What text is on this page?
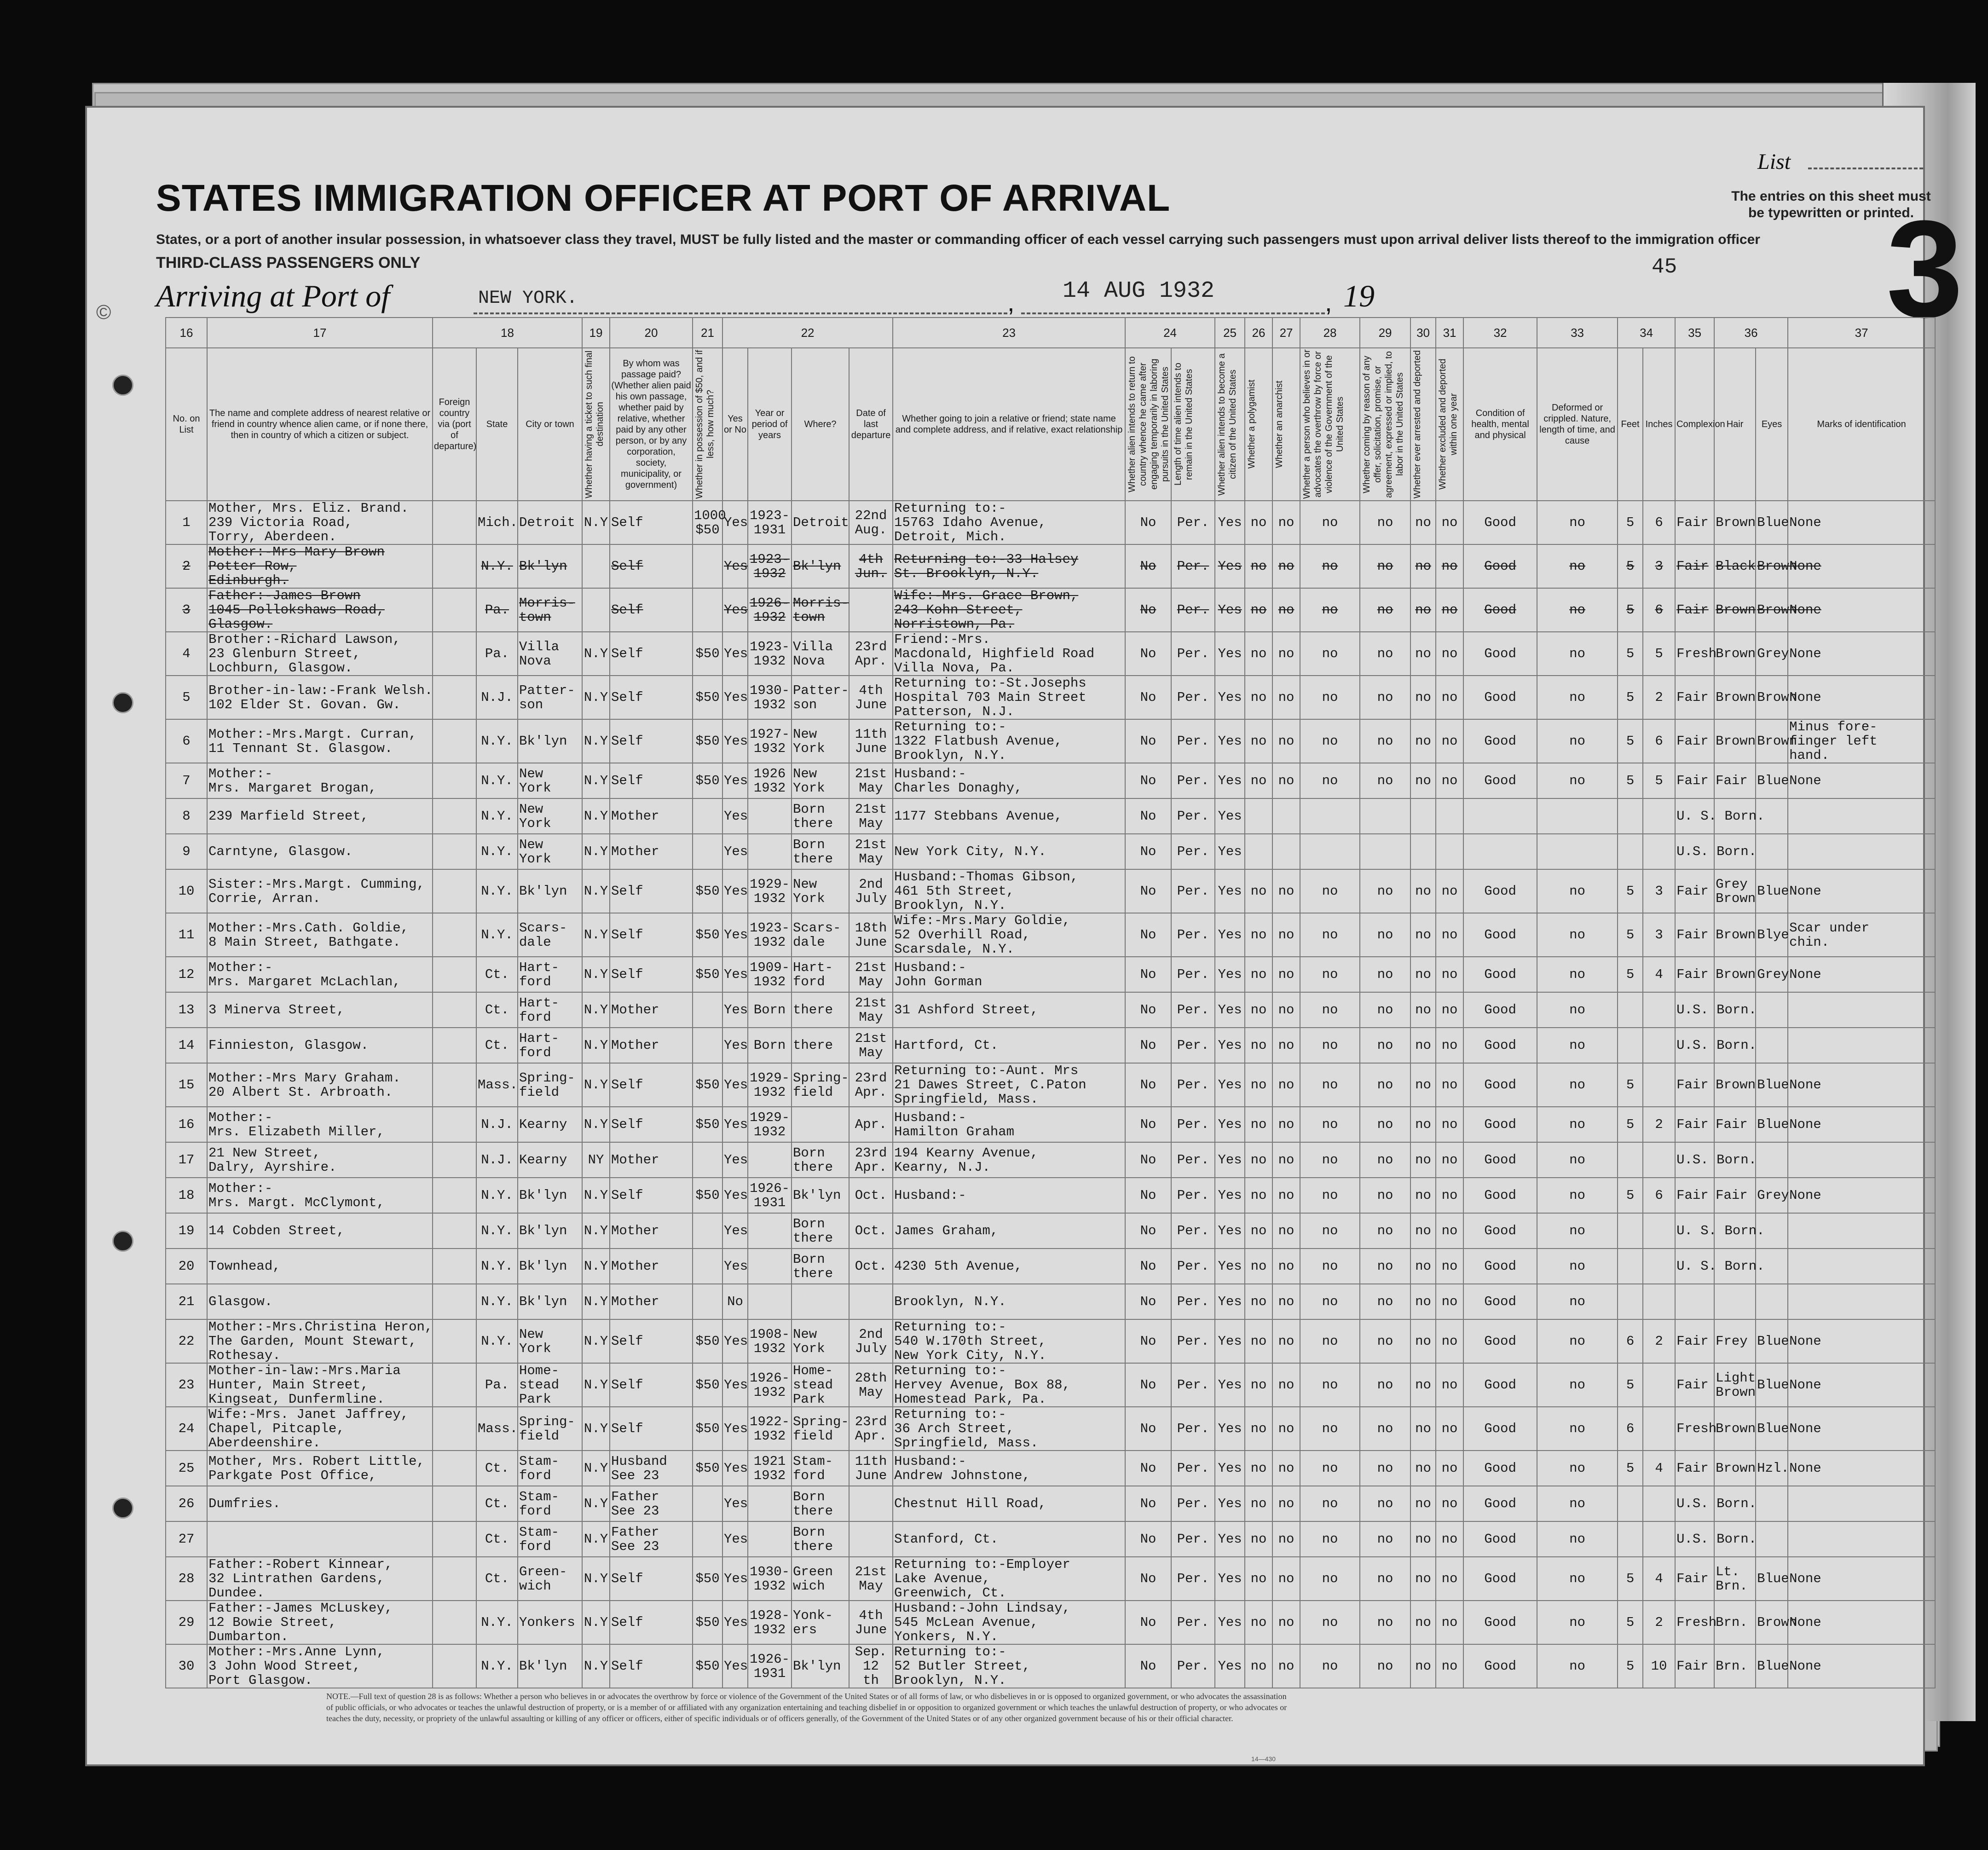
©
STATES IMMIGRATION OFFICER AT PORT OF ARRIVAL
States, or a port of another insular possession, in whatsoever class they travel, MUST be fully listed and the master or commanding officer of each vessel carrying such passengers must upon arrival deliver lists thereof to the immigration officer
THIRD-CLASS PASSENGERS ONLY
Arriving at Port of	NEW YORK.	, 14 AUG 1932	, 19
45
List
The entries on this sheet must be typewritten or printed.
3
16	17	18			19	20	21	22				23	24		25	26	27	28	29	30	31	32	33	34		35	36		37
No. on List	The name and complete address of nearest relative or friend in country whence alien came, or if none there, then in country of which a citizen or subject.	Foreign country via (port of departure)	State	City or town	Whether having a ticket to such final destination	By whom was passage paid? (Whether alien paid his own passage, whether paid by relative, whether paid by any other person, or by any corporation, society, municipality, or government)	Whether in possession of $50, and if less, how much?	Yes or No	Year or period of years	Where?	Date of last departure	Whether going to join a relative or friend; state name and complete address, and if relative, exact relationship	Whether alien intends to return to country whence he came after engaging temporarily in laboring pursuits in the United States	Length of time alien intends to remain in the United States	Whether alien intends to become a citizen of the United States	Whether a polygamist	Whether an anarchist	Whether a person who believes in or advocates the overthrow by force or violence of the Government of the United States	Whether coming by reason of any offer, solicitation, promise, or agreement, expressed or implied, to labor in the United States	Whether ever arrested and deported	Whether excluded and deported within one year	Condition of health, mental and physical	Deformed or crippled. Nature, length of time, and cause	Feet	Inches	Complexion	Hair	Eyes	Marks of identification
1	Mother, Mrs. Eliz. Brand.
239 Victoria Road,
Torry, Aberdeen.		Mich.	Detroit	N.Y	Self	1000
$50	Yes	1923-
1931	Detroit	22nd
Aug.	Returning to:-
15763 Idaho Avenue,
Detroit, Mich.	No	Per.	Yes	no	no	no	no	no	no	Good	no	5	6	Fair	Brown	Blue	None
2	Mother:-Mrs Mary Brown
Potter Row,
Edinburgh.		N.Y.	Bk'lyn		Self		Yes	1923-
1932	Bk'lyn	4th
Jun.	Returning to:-33 Halsey
St. Brooklyn, N.Y.	No	Per.	Yes	no	no	no	no	no	no	Good	no	5	3	Fair	Black	Brown	None
3	Father:-James Brown
1045 Pollokshaws Road,
Glasgow.		Pa.	Morris-
town		Self		Yes	1926-
1932	Morris-
town		Wife:-Mrs. Grace Brown,
243 Kohn Street,
Norristown, Pa.	No	Per.	Yes	no	no	no	no	no	no	Good	no	5	6	Fair	Brown	Brown	None
4	Brother:-Richard Lawson,
23 Glenburn Street,
Lochburn, Glasgow.		Pa.	Villa
Nova	N.Y	Self	$50	Yes	1923-
1932	Villa
Nova	23rd
Apr.	Friend:-Mrs.
Macdonald, Highfield Road
Villa Nova, Pa.	No	Per.	Yes	no	no	no	no	no	no	Good	no	5	5	Fresh	Brown	Grey	None
5	Brother-in-law:-Frank Welsh.
102 Elder St. Govan. Gw.		N.J.	Patter-
son	N.Y	Self	$50	Yes	1930-
1932	Patter-
son	4th
June	Returning to:-St.Josephs
Hospital 703 Main Street
Patterson, N.J.	No	Per.	Yes	no	no	no	no	no	no	Good	no	5	2	Fair	Brown	Brown	None
6	Mother:-Mrs.Margt. Curran,
11 Tennant St. Glasgow.		N.Y.	Bk'lyn	N.Y	Self	$50	Yes	1927-
1932	New
York	11th
June	Returning to:-
1322 Flatbush Avenue,
Brooklyn, N.Y.	No	Per.	Yes	no	no	no	no	no	no	Good	no	5	6	Fair	Brown	Brown	Minus fore-
finger left
hand.
7	Mother:-
Mrs. Margaret Brogan,		N.Y.	New
York	N.Y	Self	$50	Yes	1926
1932	New
York	21st
May	Husband:-
Charles Donaghy,	No	Per.	Yes	no	no	no	no	no	no	Good	no	5	5	Fair	Fair	Blue	None
8	239 Marfield Street,		N.Y.	New
York	N.Y	Mother		Yes		Born
there	21st
May	1177 Stebbans Avenue,	No	Per.	Yes											U. S. Born.			
9	Carntyne, Glasgow.		N.Y.	New
York	N.Y	Mother		Yes		Born
there	21st
May	New York City, N.Y.	No	Per.	Yes											U.S. Born.			
10	Sister:-Mrs.Margt. Cumming,
Corrie, Arran.		N.Y.	Bk'lyn	N.Y	Self	$50	Yes	1929-
1932	New
York	2nd
July	Husband:-Thomas Gibson,
461 5th Street,
Brooklyn, N.Y.	No	Per.	Yes	no	no	no	no	no	no	Good	no	5	3	Fair	Grey
Brown	Blue	None
11	Mother:-Mrs.Cath. Goldie,
8 Main Street, Bathgate.		N.Y.	Scars-
dale	N.Y	Self	$50	Yes	1923-
1932	Scars-
dale	18th
June	Wife:-Mrs.Mary Goldie,
52 Overhill Road,
Scarsdale, N.Y.	No	Per.	Yes	no	no	no	no	no	no	Good	no	5	3	Fair	Brown	Blye	Scar under
chin.
12	Mother:-
Mrs. Margaret McLachlan,		Ct.	Hart-
ford	N.Y	Self	$50	Yes	1909-
1932	Hart-
ford	21st
May	Husband:-
John Gorman	No	Per.	Yes	no	no	no	no	no	no	Good	no	5	4	Fair	Brown	Grey	None
13	3 Minerva Street,		Ct.	Hart-
ford	N.Y	Mother		Yes	Born	there	21st
May	31 Ashford Street,	No	Per.	Yes	no	no	no	no	no	no	Good	no			U.S. Born.			
14	Finnieston, Glasgow.		Ct.	Hart-
ford	N.Y	Mother		Yes	Born	there	21st
May	Hartford, Ct.	No	Per.	Yes	no	no	no	no	no	no	Good	no			U.S. Born.			
15	Mother:-Mrs Mary Graham.
20 Albert St. Arbroath.		Mass.	Spring-
field	N.Y	Self	$50	Yes	1929-
1932	Spring-
field	23rd
Apr.	Returning to:-Aunt. Mrs
21 Dawes Street, C.Paton
Springfield, Mass.	No	Per.	Yes	no	no	no	no	no	no	Good	no	5		Fair	Brown	Blue	None
16	Mother:-
Mrs. Elizabeth Miller,		N.J.	Kearny	N.Y	Self	$50	Yes	1929-
1932		Apr.	Husband:-
Hamilton Graham	No	Per.	Yes	no	no	no	no	no	no	Good	no	5	2	Fair	Fair	Blue	None
17	21 New Street,
Dalry, Ayrshire.		N.J.	Kearny	NY	Mother		Yes		Born
there	23rd
Apr.	194 Kearny Avenue,
Kearny, N.J.	No	Per.	Yes	no	no	no	no	no	no	Good	no			U.S. Born.			
18	Mother:-
Mrs. Margt. McClymont,		N.Y.	Bk'lyn	N.Y	Self	$50	Yes	1926-
1931	Bk'lyn	Oct.	Husband:-	No	Per.	Yes	no	no	no	no	no	no	Good	no	5	6	Fair	Fair	Grey	None
19	14 Cobden Street,		N.Y.	Bk'lyn	N.Y	Mother		Yes		Born
there	Oct.	James Graham,	No	Per.	Yes	no	no	no	no	no	no	Good	no			U. S. Born.			
20	Townhead,		N.Y.	Bk'lyn	N.Y	Mother		Yes		Born
there	Oct.	4230 5th Avenue,	No	Per.	Yes	no	no	no	no	no	no	Good	no			U. S. Born.			
21	Glasgow.		N.Y.	Bk'lyn	N.Y	Mother		No				Brooklyn, N.Y.	No	Per.	Yes	no	no	no	no	no	no	Good	no						
22	Mother:-Mrs.Christina Heron,
The Garden, Mount Stewart,
Rothesay.		N.Y.	New
York	N.Y	Self	$50	Yes	1908-
1932	New
York	2nd
July	Returning to:-
540 W.170th Street,
New York City, N.Y.	No	Per.	Yes	no	no	no	no	no	no	Good	no	6	2	Fair	Frey	Blue	None
23	Mother-in-law:-Mrs.Maria
Hunter, Main Street,
Kingseat, Dunfermline.		Pa.	Home-
stead
Park	N.Y	Self	$50	Yes	1926-
1932	Home-
stead
Park	28th
May	Returning to:-
Hervey Avenue, Box 88,
Homestead Park, Pa.	No	Per.	Yes	no	no	no	no	no	no	Good	no	5		Fair	Light
Brown	Blue	None
24	Wife:-Mrs. Janet Jaffrey,
Chapel, Pitcaple,
Aberdeenshire.		Mass.	Spring-
field	N.Y	Self	$50	Yes	1922-
1932	Spring-
field	23rd
Apr.	Returning to:-
36 Arch Street,
Springfield, Mass.	No	Per.	Yes	no	no	no	no	no	no	Good	no	6		Fresh	Brown	Blue	None
25	Mother, Mrs. Robert Little,
Parkgate Post Office,		Ct.	Stam-
ford	N.Y	Husband
See 23	$50	Yes	1921
1932	Stam-
ford	11th
June	Husband:-
Andrew Johnstone,	No	Per.	Yes	no	no	no	no	no	no	Good	no	5	4	Fair	Brown	Hzl.	None
26	Dumfries.		Ct.	Stam-
ford	N.Y	Father
See 23		Yes		Born
there		Chestnut Hill Road,	No	Per.	Yes	no	no	no	no	no	no	Good	no			U.S. Born.			
27			Ct.	Stam-
ford	N.Y	Father
See 23		Yes		Born
there		Stanford, Ct.	No	Per.	Yes	no	no	no	no	no	no	Good	no			U.S. Born.			
28	Father:-Robert Kinnear,
32 Lintrathen Gardens,
Dundee.		Ct.	Green-
wich	N.Y	Self	$50	Yes	1930-
1932	Green
wich	21st
May	Returning to:-Employer
Lake Avenue,
Greenwich, Ct.	No	Per.	Yes	no	no	no	no	no	no	Good	no	5	4	Fair	Lt.
Brn.	Blue	None
29	Father:-James McLuskey,
12 Bowie Street,
Dumbarton.		N.Y.	Yonkers	N.Y	Self	$50	Yes	1928-
1932	Yonk-
ers	4th
June	Husband:-John Lindsay,
545 McLean Avenue,
Yonkers, N.Y.	No	Per.	Yes	no	no	no	no	no	no	Good	no	5	2	Fresh	Brn.	Brown	None
30	Mother:-Mrs.Anne Lynn,
3 John Wood Street,
Port Glasgow.		N.Y.	Bk'lyn	N.Y	Self	$50	Yes	1926-
1931	Bk'lyn	Sep.
12
th	Returning to:-
52 Butler Street,
Brooklyn, N.Y.	No	Per.	Yes	no	no	no	no	no	no	Good	no	5	10	Fair	Brn.	Blue	None
NOTE.—Full text of question 28 is as follows: Whether a person who believes in or advocates the overthrow by force or violence of the Government of the United States or of all forms of law, or who disbelieves in or is opposed to organized government, or who advocates the assassination of public officials, or who advocates or teaches the unlawful destruction of property, or is a member of or affiliated with any organization entertaining and teaching disbelief in or opposition to organized government or which teaches the unlawful destruction of property, or who advocates or teaches the duty, necessity, or propriety of the unlawful assaulting or killing of any officer or officers, either of specific individuals or of officers generally, of the Government of the United States or of any other organized government because of his or their official character.
14—430
